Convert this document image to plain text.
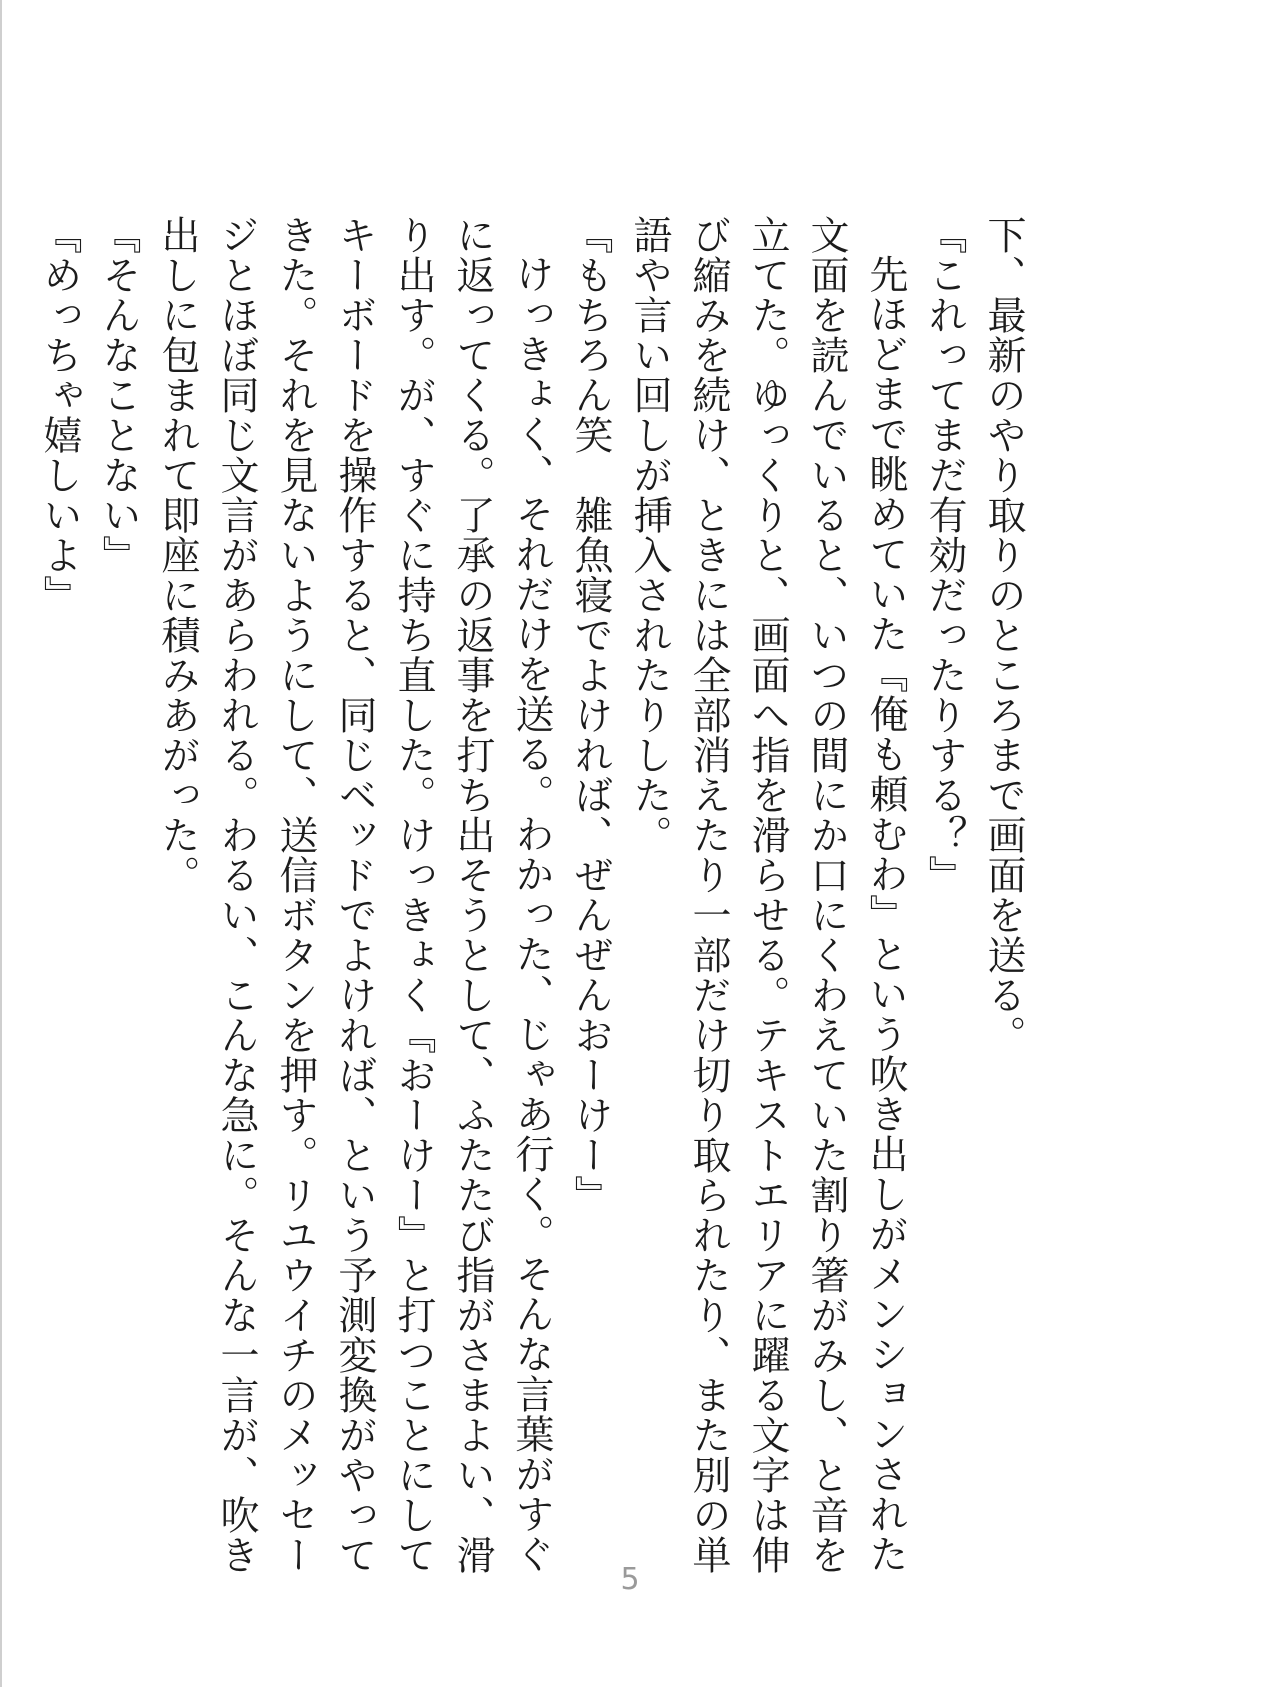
下、最新のやり取りのところまで画面を送る。

『これってまだ有効だったりする？』

先ほどまで眺めていた『俺も頼むわ』という吹き出しがメンションされた文面を読んでいると、いつの間にか口にくわえていた割り箸がみし、と音を立てた。ゆっくりと、画面へ指を滑らせる。テキストエリアに躍る文字は伸び縮みを続け、ときには全部消えたり一部だけ切り取られたり、また別の単語や言い回しが挿入されたりした。

『もちろん笑　雑魚寝でよければ、ぜんぜんおーけー』

けっきょく、それだけを送る。わかった、じゃあ行く。そんな言葉がすぐに返ってくる。了承の返事を打ち出そうとして、ふたたび指がさまよい、滑り出す。が、すぐに持ち直した。けっきょく『おーけー』と打つことにしてキーボードを操作すると、同じベッドでよければ、という予測変換がやってきた。それを見ないようにして、送信ボタンを押す。リユウイチのメッセージとほぼ同じ文言があらわれる。わるい、こんな急に。そんな一言が、吹き出しに包まれて即座に積みあがった。

『そんなことない』

『めっちゃ嬉しいよ』

5
